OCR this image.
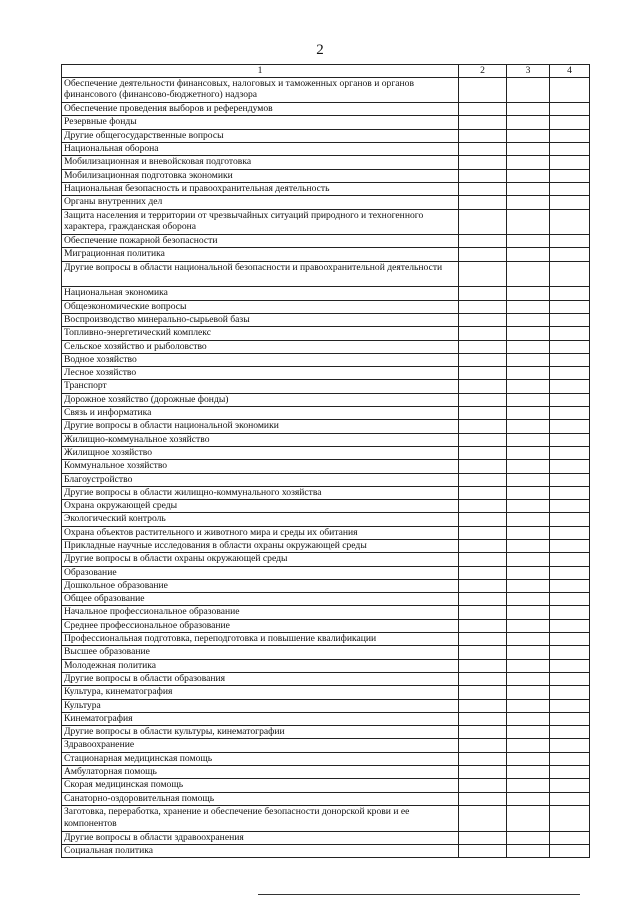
2
1	2	3	4
Обеспечение деятельности финансовых, налоговых и таможенных органов и органов финансового (финансово-бюджетного) надзора			
Обеспечение проведения выборов и референдумов			
Резервные фонды			
Другие общегосударственные вопросы			
Национальная оборона			
Мобилизационная и вневойсковая подготовка			
Мобилизационная подготовка экономики			
Национальная безопасность и правоохранительная деятельность			
Органы внутренних дел			
Защита населения и территории от чрезвычайных ситуаций природного и техногенного характера, гражданская оборона			
Обеспечение пожарной безопасности			
Миграционная политика			
Другие вопросы в области национальной безопасности и правоохранительной деятельности			
Национальная экономика			
Общеэкономические вопросы			
Воспроизводство минерально-сырьевой базы			
Топливно-энергетический комплекс			
Сельское хозяйство и рыболовство			
Водное хозяйство			
Лесное хозяйство			
Транспорт			
Дорожное хозяйство (дорожные фонды)			
Связь и информатика			
Другие вопросы в области национальной экономики			
Жилищно-коммунальное хозяйство			
Жилищное хозяйство			
Коммунальное хозяйство			
Благоустройство			
Другие вопросы в области жилищно-коммунального хозяйства			
Охрана окружающей среды			
Экологический контроль			
Охрана объектов растительного и животного мира и среды их обитания			
Прикладные научные исследования в области охраны окружающей среды			
Другие вопросы в области охраны окружающей среды			
Образование			
Дошкольное образование			
Общее образование			
Начальное профессиональное образование			
Среднее профессиональное образование			
Профессиональная подготовка, переподготовка и повышение квалификации			
Высшее образование			
Молодежная политика			
Другие вопросы в области образования			
Культура, кинематография			
Культура			
Кинематография			
Другие вопросы в области культуры, кинематографии			
Здравоохранение			
Стационарная медицинская помощь			
Амбулаторная помощь			
Скорая медицинская помощь			
Санаторно-оздоровительная помощь			
Заготовка, переработка, хранение и обеспечение безопасности донорской крови и ее компонентов			
Другие вопросы в области здравоохранения			
Социальная политика			
